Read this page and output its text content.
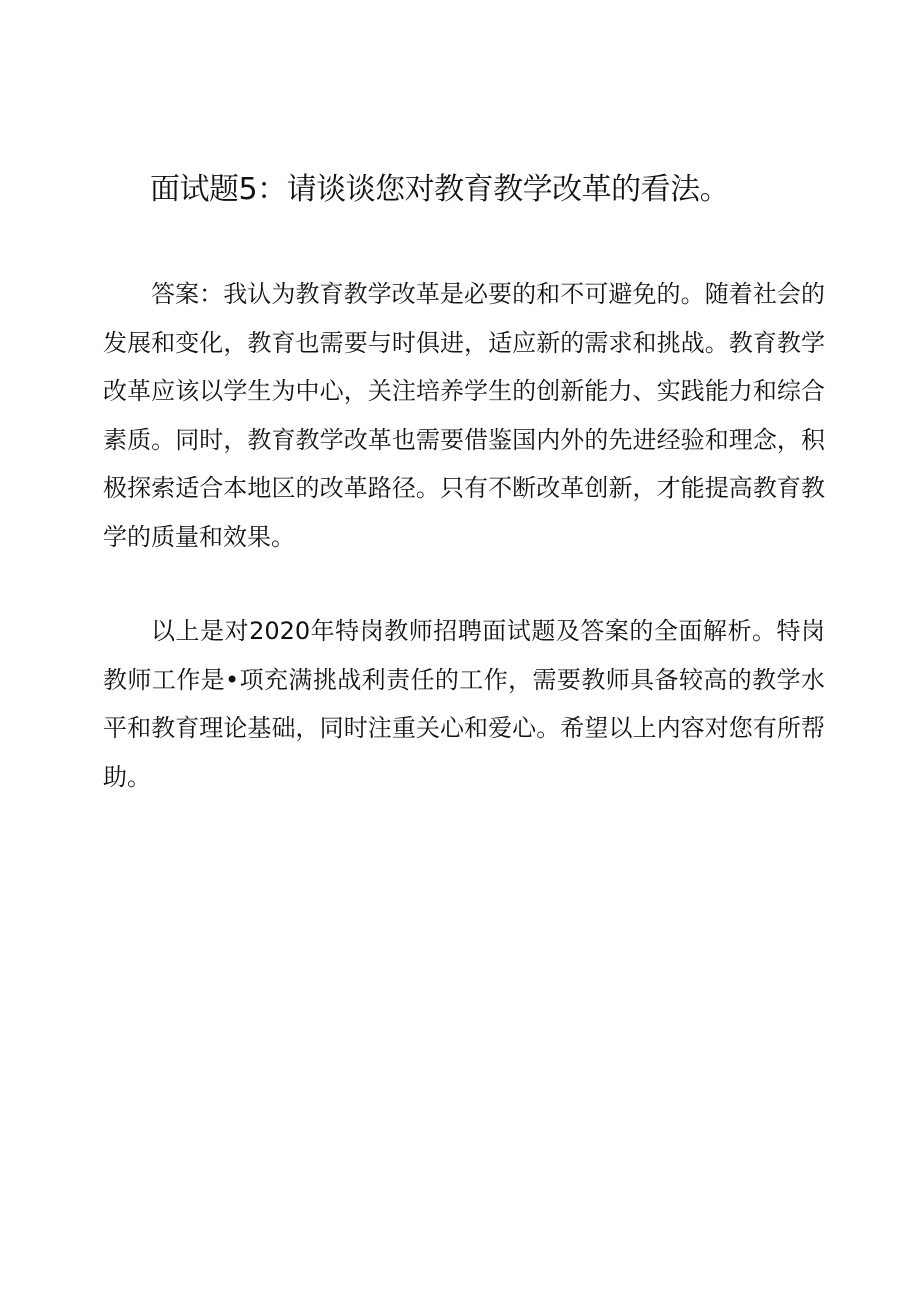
面试题5：请谈谈您对教育教学改革的看法。

答案：我认为教育教学改革是必要的和不可避免的。随着社会的发展和变化，教育也需要与时俱进，适应新的需求和挑战。教育教学改革应该以学生为中心，关注培养学生的创新能力、实践能力和综合素质。同时，教育教学改革也需要借鉴国内外的先进经验和理念，积极探索适合本地区的改革路径。只有不断改革创新，才能提高教育教学的质量和效果。

以上是对2020年特岗教师招聘面试题及答案的全面解析。特岗教师工作是•项充满挑战利责任的工作，需要教师具备较高的教学水平和教育理论基础，同时注重关心和爱心。希望以上内容对您有所帮助。
